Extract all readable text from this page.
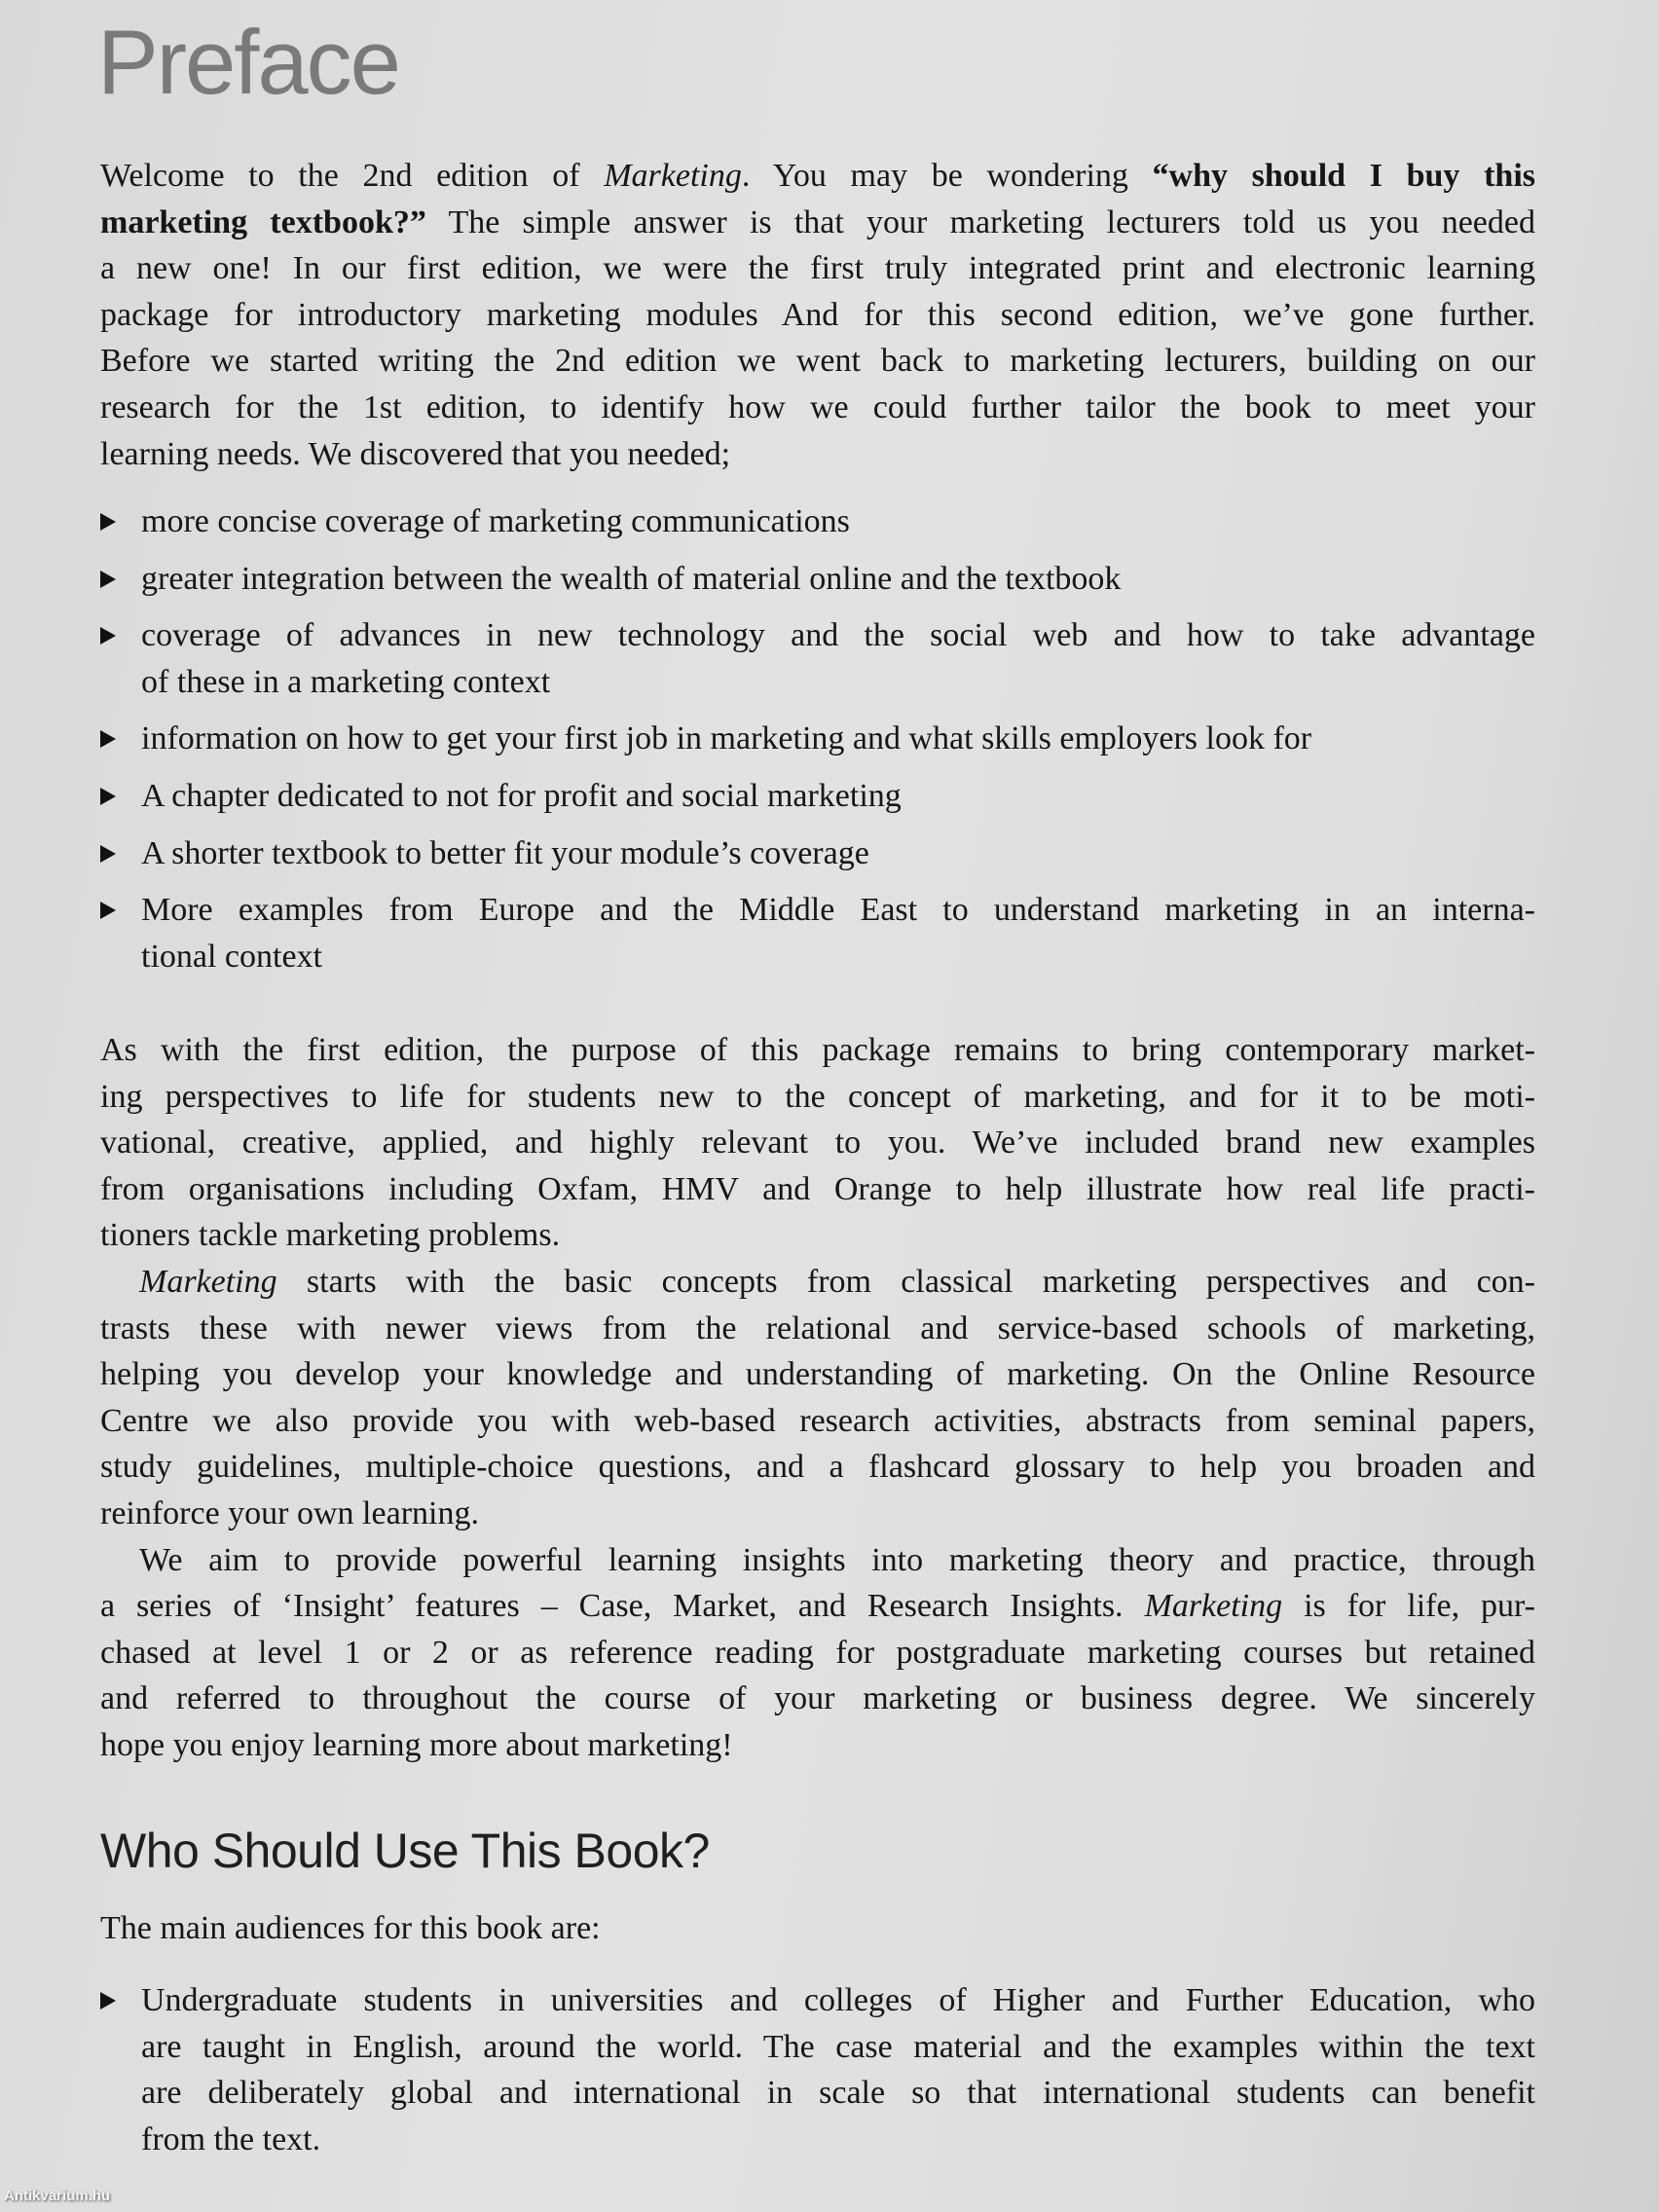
Preface
Welcome to the 2nd edition of Marketing. You may be wondering “why should I buy this
marketing textbook?” The simple answer is that your marketing lecturers told us you needed
a new one! In our first edition, we were the first truly integrated print and electronic learning
package for introductory marketing modules And for this second edition, we’ve gone further.
Before we started writing the 2nd edition we went back to marketing lecturers, building on our
research for the 1st edition, to identify how we could further tailor the book to meet your
learning needs. We discovered that you needed;
more concise coverage of marketing communications
greater integration between the wealth of material online and the textbook
coverage of advances in new technology and the social web and how to take advantage
of these in a marketing context
information on how to get your first job in marketing and what skills employers look for
A chapter dedicated to not for profit and social marketing
A shorter textbook to better fit your module’s coverage
More examples from Europe and the Middle East to understand marketing in an interna-
tional context
As with the first edition, the purpose of this package remains to bring contemporary market-
ing perspectives to life for students new to the concept of marketing, and for it to be moti-
vational, creative, applied, and highly relevant to you. We’ve included brand new examples
from organisations including Oxfam, HMV and Orange to help illustrate how real life practi-
tioners tackle marketing problems.
Marketing starts with the basic concepts from classical marketing perspectives and con-
trasts these with newer views from the relational and service-based schools of marketing,
helping you develop your knowledge and understanding of marketing. On the Online Resource
Centre we also provide you with web-based research activities, abstracts from seminal papers,
study guidelines, multiple-choice questions, and a flashcard glossary to help you broaden and
reinforce your own learning.
We aim to provide powerful learning insights into marketing theory and practice, through
a series of ‘Insight’ features – Case, Market, and Research Insights. Marketing is for life, pur-
chased at level 1 or 2 or as reference reading for postgraduate marketing courses but retained
and referred to throughout the course of your marketing or business degree. We sincerely
hope you enjoy learning more about marketing!
Who Should Use This Book?
The main audiences for this book are:
Undergraduate students in universities and colleges of Higher and Further Education, who
are taught in English, around the world. The case material and the examples within the text
are deliberately global and international in scale so that international students can benefit
from the text.
Antikvarium.hu
